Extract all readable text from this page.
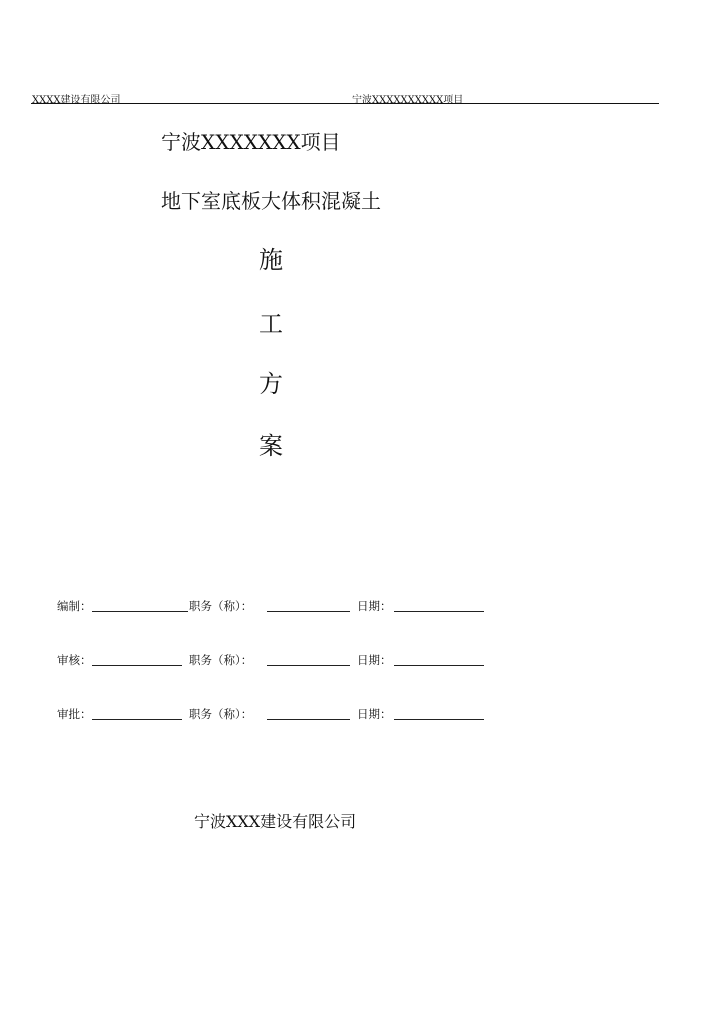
XXXX建设有限公司	宁波XXXXXXXXXX项目
宁波XXXXXXX项目
地下室底板大体积混凝土
施
工
方
案
编制：	职务（称）：	日期：
审核：	职务（称）：	日期：
审批：	职务（称）：	日期：
宁波XXX建设有限公司
